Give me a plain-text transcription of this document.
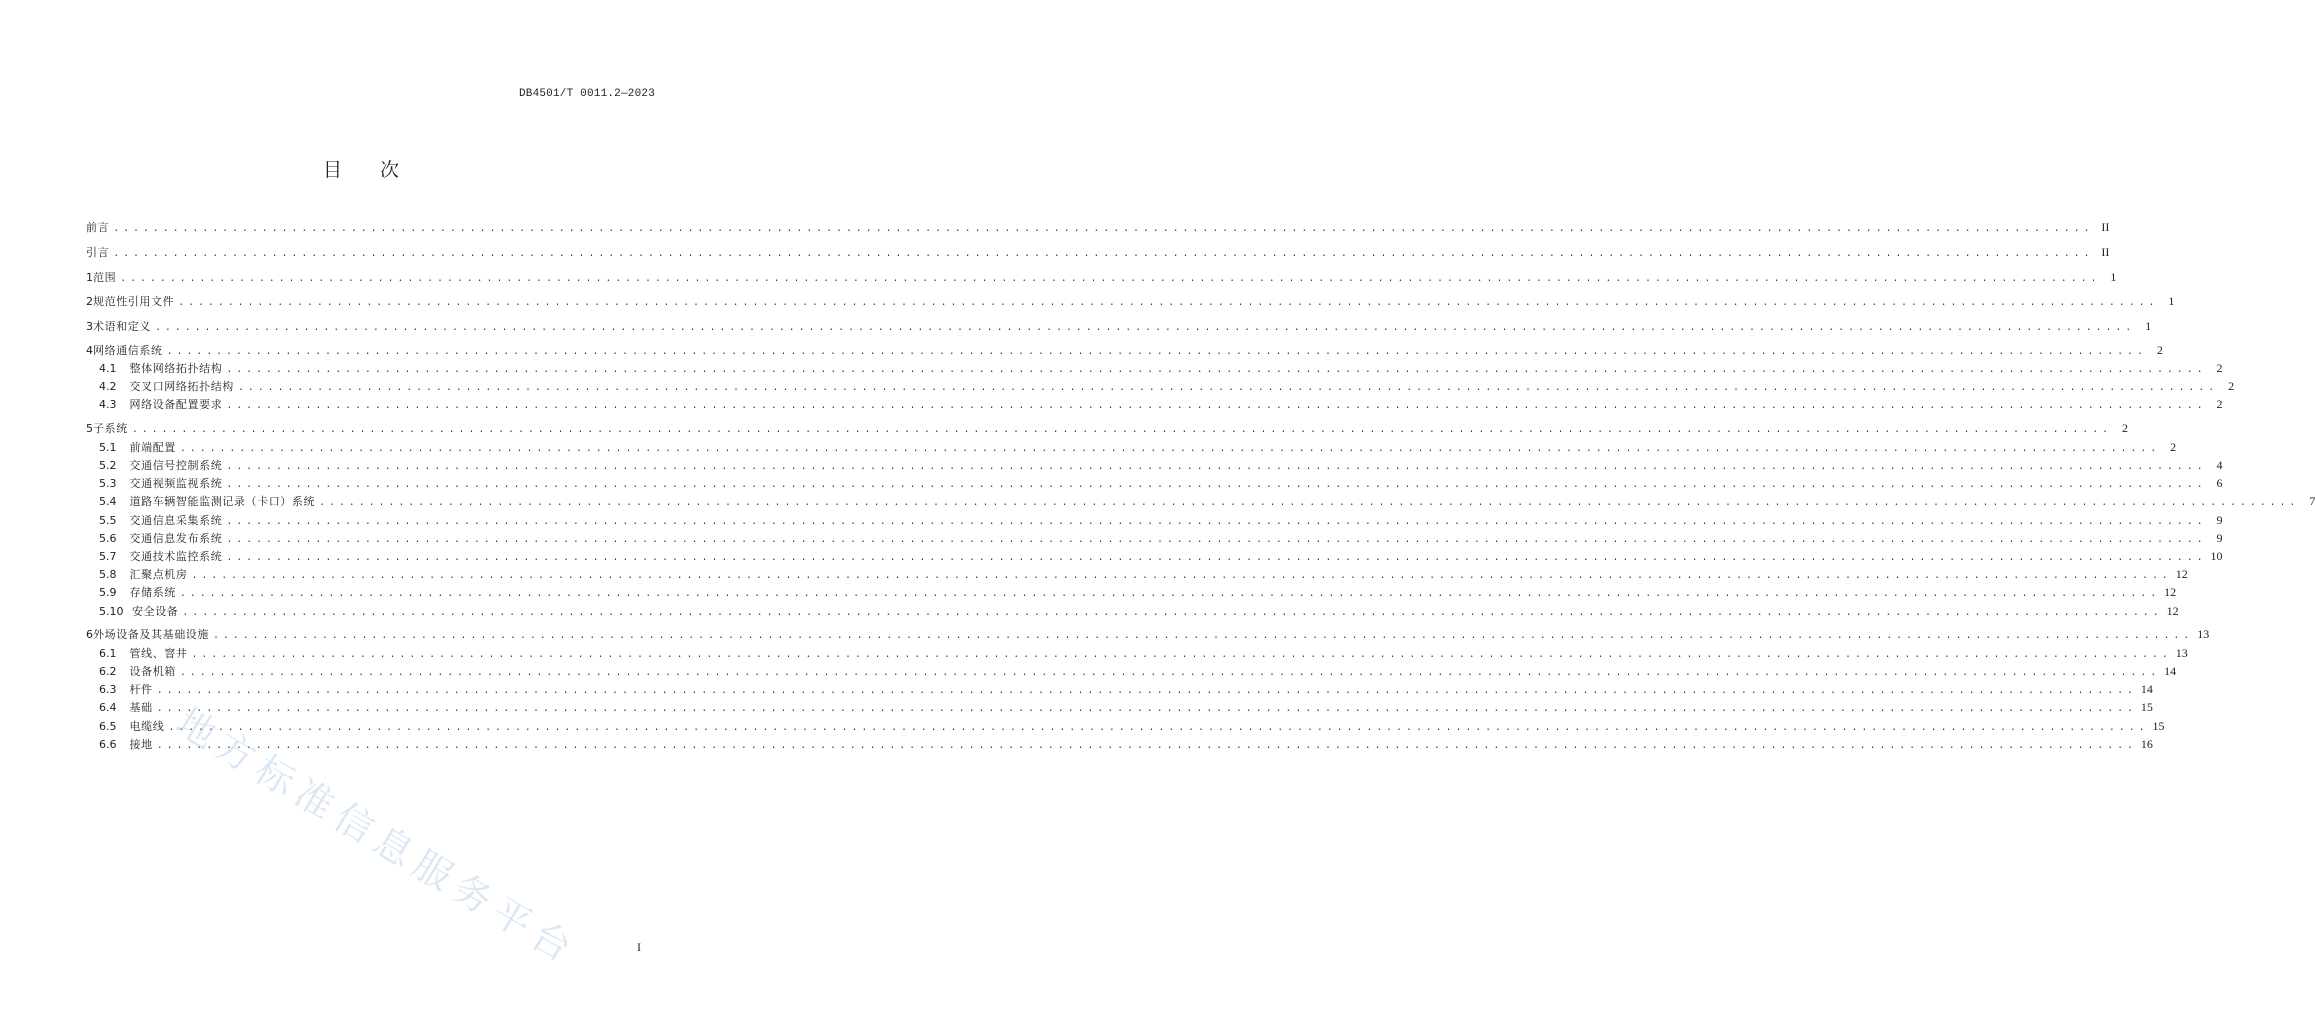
DB4501/T 0011.2—2023
目 次
前言 ........................................................................................................................................................................................................ II
引言 ........................................................................................................................................................................................................ II
1 范围 ........................................................................................................................................................................................................ 1
2 规范性引用文件 ........................................................................................................................................................................................................ 1
3 术语和定义 ........................................................................................................................................................................................................ 1
4 网络通信系统 ........................................................................................................................................................................................................ 2
4.1 整体网络拓扑结构 ........................................................................................................................................................................................................ 2
4.2 交叉口网络拓扑结构 ........................................................................................................................................................................................................ 2
4.3 网络设备配置要求 ........................................................................................................................................................................................................ 2
5 子系统 ........................................................................................................................................................................................................ 2
5.1 前端配置 ........................................................................................................................................................................................................ 2
5.2 交通信号控制系统 ........................................................................................................................................................................................................ 4
5.3 交通视频监视系统 ........................................................................................................................................................................................................ 6
5.4 道路车辆智能监测记录（卡口）系统 ........................................................................................................................................................................................................ 7
5.5 交通信息采集系统 ........................................................................................................................................................................................................ 9
5.6 交通信息发布系统 ........................................................................................................................................................................................................ 9
5.7 交通技术监控系统 ........................................................................................................................................................................................................ 10
5.8 汇聚点机房 ........................................................................................................................................................................................................ 12
5.9 存储系统 ........................................................................................................................................................................................................ 12
5.10 安全设备 ........................................................................................................................................................................................................ 12
6 外场设备及其基础设施 ........................................................................................................................................................................................................ 13
6.1 管线、窨井 ........................................................................................................................................................................................................ 13
6.2 设备机箱 ........................................................................................................................................................................................................ 14
6.3 杆件 ........................................................................................................................................................................................................ 14
6.4 基础 ........................................................................................................................................................................................................ 15
6.5 电缆线 ........................................................................................................................................................................................................ 15
6.6 接地 ........................................................................................................................................................................................................ 16
地方标准信息服务平台	I
